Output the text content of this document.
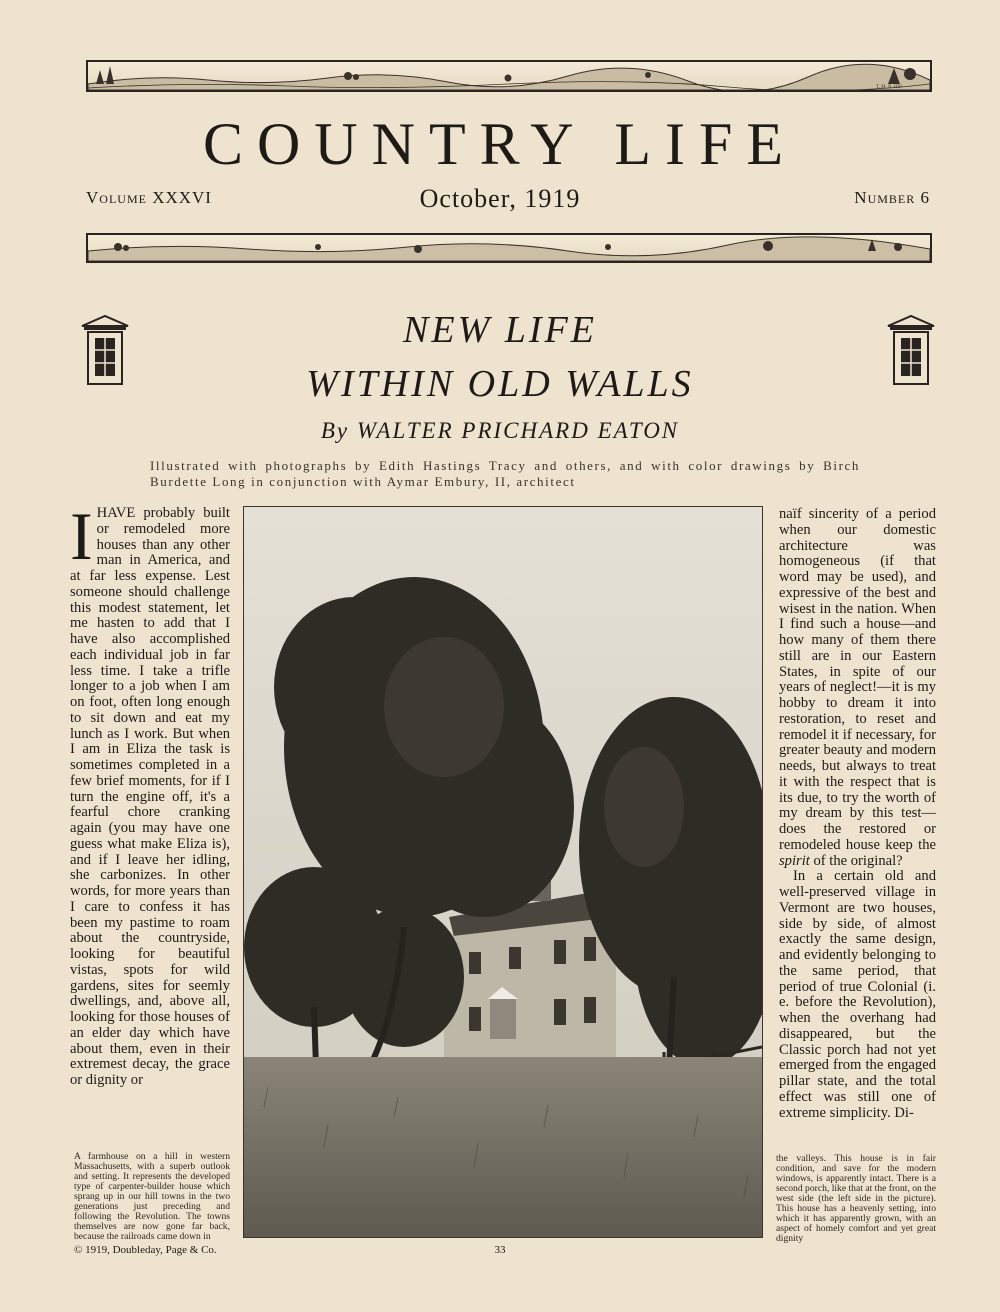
T. M. R. Hill
COUNTRY LIFE
Volume XXXVI	October, 1919	Number 6
NEW LIFE
WITHIN OLD WALLS
By WALTER PRICHARD EATON
Illustrated with photographs by Edith Hastings Tracy and others, and with color drawings by Birch Burdette Long in conjunction with Aymar Embury, II, architect
IHAVE probably built or remodeled more houses than any other man in America, and at far less expense. Lest someone should challenge this modest statement, let me hasten to add that I have also accomplished each individual job in far less time. I take a trifle longer to a job when I am on foot, often long enough to sit down and eat my lunch as I work. But when I am in Eliza the task is sometimes completed in a few brief moments, for if I turn the engine off, it's a fearful chore cranking again (you may have one guess what make Eliza is), and if I leave her idling, she carbonizes. In other words, for more years than I care to confess it has been my pastime to roam about the countryside, looking for beautiful vistas, spots for wild gardens, sites for seemly dwellings, and, above all, looking for those houses of an elder day which have about them, even in their extremest decay, the grace or dignity or
naïf sincerity of a period when our domestic architecture was homogeneous (if that word may be used), and expressive of the best and wisest in the nation. When I find such a house—and how many of them there still are in our Eastern States, in spite of our years of neglect!—it is my hobby to dream it into restoration, to reset and remodel it if necessary, for greater beauty and modern needs, but always to treat it with the respect that is its due, to try the worth of my dream by this test—does the restored or remodeled house keep the spirit of the original?
In a certain old and well-preserved village in Vermont are two houses, side by side, of almost exactly the same design, and evidently belonging to the same period, that period of true Colonial (i. e. before the Revolution), when the overhang had disappeared, but the Classic porch had not yet emerged from the engaged pillar state, and the total effect was still one of extreme simplicity. Di-
A farmhouse on a hill in western Massachusetts, with a superb outlook and setting. It represents the developed type of carpenter-builder house which sprang up in our hill towns in the two generations just preceding and following the Revolution. The towns themselves are now gone far back, because the railroads came down in
the valleys. This house is in fair condition, and save for the modern windows, is apparently intact. There is a second porch, like that at the front, on the west side (the left side in the picture). This house has a heavenly setting, into which it has apparently grown, with an aspect of homely comfort and yet great dignity
© 1919, Doubleday, Page & Co.	33
